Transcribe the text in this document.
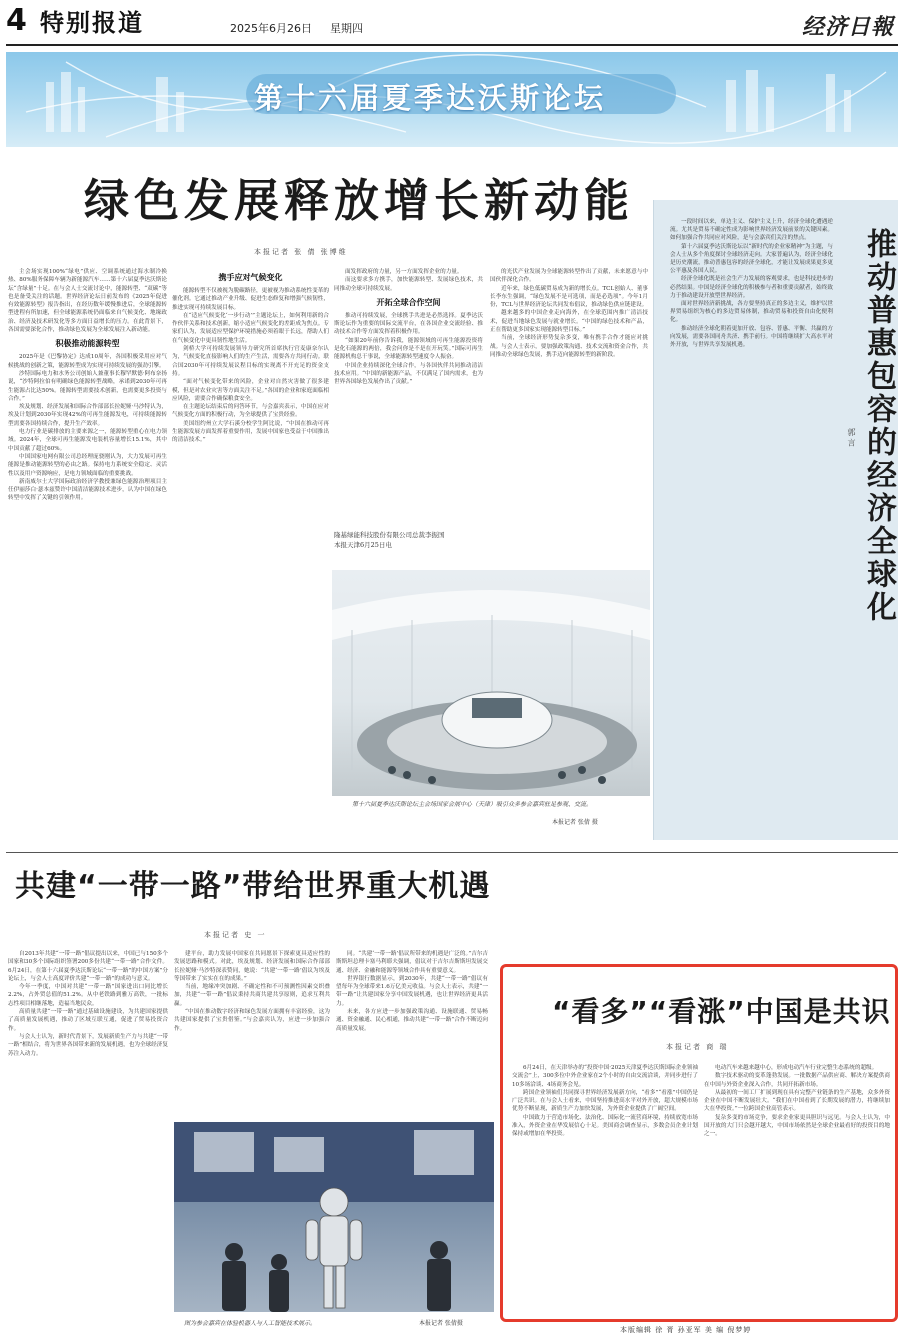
4 特别报道	2025年6月26日 星期四	经济日報
第十六届夏季达沃斯论坛
绿色发展释放增长新动能
本报记者 张 倩 张博维

主会场实现100%“绿电”供应、空调系统通过海水制冷换热、80%服务保障车辆为新能源汽车……第十六届夏季达沃斯论坛“含绿量”十足。在与会人士交流讨论中，能源转型、“双碳”等也是备受关注的话题。世界经济论坛日前发布的《2025年促进有效能源转型》报告指出，在经历数年缓慢推进后，全球能源转型进程有所加速，但全球能源系统仍面临来自气候变化、地缘政治、经济及技术研发化等多方面日益增长的压力。在此背景下，各国需要深化合作，推动绿色发展为全球发展注入新动能。

积极推动能源转型

2025年是《巴黎协定》达成10周年，各国积极采用应对气候挑战的创新之策，能源转型成为实现可持续发展的强劲引擎。

沙特国际电力和水务公司创始人兼董事长穆罕默德·阿布奈扬说，“沙特阿拉伯有明确绿色能源转型战略，承诺到2030年可再生能源占比达50%。能源转型需要技术创新，也需要更多投资与合作。”

埃及规划、经济发展和国际合作部部长拉妮娅·马沙特认为，埃及计划到2030年实现42%的可再生能源发电，可持续能源转型需要各国持续合作，提升生产效率。

电力行业是碳排放的主要来源之一，能源转型重心在电力领域。2024年，全球可再生能源发电装机容量增长15.1%，其中中国贡献了超过60%。

中国国家电网有限公司总经理庞骁刚认为，大力发展可再生能源是推动能源转型的必由之路。保持电力系统安全稳定、灵活性以及用户资源响应，是电力领域面临的重要挑战。

新南威尔士大学国际政治经济学教授兼绿色能源治理项目主任伊丽莎白·瑟本兹赞许中国清洁能源技术进步，认为中国在绿色转型中发挥了关键的引领作用。

携手应对气候变化

能源转型不仅被视为脱碳路径，更被视为推动系统性变革的催化剂。它通过推动产业升级、促进生态修复和增强气候韧性，推进实现可持续发展目标。

在“适应气候变化‘一步行动’”主题论坛上，如何利用新的合作伙伴关系和技术创新，缩小适应气候变化的差距成为焦点。专家们认为，发展适应型保护环境措施必须着眼于长远，帮助人们在气候变化中更具韧性地生活。

剑桥大学可持续发展领导力研究所首席执行官麦康奈尔认为，气候变化直接影响人们的生产生活，需要各方共同行动。联合国2030年可持续发展议程目标的实现离不开充足的资金支持。

“面对气候变化带来的风险，企业对自然灾害做了很多建模，但是对农业灾害等方面关注不足。”各国的企业和家庭面临相应风险，需要合作确保粮食安全。

在主题论坛结束后的问答环节，与会嘉宾表示，中国在应对气候变化方面的积极行动，为全球提供了宝贵经验。

美国纽约州立大学石溪分校学生阿比说，“中国在推动可再生能源发展方面发挥着重要作用，发展中国家也受益于中国推出的清洁技术。”

面发挥政府的力量，另一方面发挥企业的力量。

而这要求多方携手，加快能源转型、发展绿色技术，共同推动全球可持续发展。

开拓全球合作空间

推动可持续发展，全球携手共进是必然选择。夏季达沃斯论坛作为重要的国际交流平台，在各国企业交流经验、推动技术合作等方面发挥着积极作用。

“如果20年前你告诉我，能源领域的可再生能源投资将是化石能源的两倍，我会问你是不是在开玩笑。”国际可再生能源机构总干事说，全球能源转型速度令人振奋。

中国企业持续深化全球合作，与各国伙伴共同推动清洁技术应用。“中国的新能源产品，不仅满足了国内需求，也为世界各国绿色发展作出了贡献。”

隆基绿能科技股份有限公司总裁李振国
本报天津6月25日电

的光伏产业发展为全球能源转型作出了贡献，未来愿意与中国伙伴深化合作。

近年来，绿色低碳贸易成为新的增长点。TCL创始人、董事长李东生强调，“绿色发展不是可选项，而是必选项”。今年1月份，TCL与世界经济论坛共同发布倡议，推动绿色供应链建设。

越来越多的中国企业走向海外，在全球范围内推广清洁技术，促进当地绿色发展与就业增长。“中国的绿色技术和产品，正在帮助更多国家实现能源转型目标。”

当前，全球经济形势复杂多变，唯有携手合作才能应对挑战。与会人士表示，要加强政策沟通、技术交流和资金合作，共同推动全球绿色发展，携手迈向能源转型的新阶段。

第十六届夏季达沃斯论坛主会场国家会展中心（天津）吸引众多参会嘉宾驻足参观、交流。
本报记者 张倩 摄

一段时间以来，单边主义、保护主义上升，经济全球化遭遇逆流。尤其是贸易不确定性成为影响世界经济发展前景的关键因素。如何加强合作共同应对风险，是与会嘉宾们关注的焦点。

第十六届夏季达沃斯论坛以“新时代的企业家精神”为主题，与会人士从多个角度探讨全球经济走向。大家普遍认为，经济全球化是历史潮流，推动普惠包容的经济全球化，才能让发展成果更多更公平惠及各国人民。

经济全球化既是社会生产力发展的客观要求，也是科技进步的必然结果。中国是经济全球化的积极参与者和重要贡献者，始终致力于推动建设开放型世界经济。

面对世界经济新挑战，各方要坚持真正的多边主义，维护以世界贸易组织为核心的多边贸易体制，推动贸易和投资自由化便利化。

推动经济全球化朝着更加开放、包容、普惠、平衡、共赢的方向发展，需要各国同舟共济、携手前行。中国将继续扩大高水平对外开放，与世界共享发展机遇。

郭 言 推动普惠包容的经济全球化
共建“一带一路”带给世界重大机遇
本报记者 史 一

自2013年共建“一带一路”倡议提出以来，中国已与150多个国家和30多个国际组织签署200多份共建“一带一路”合作文件。6月24日，在第十六届夏季达沃斯论坛“一带一路”的中国方案”分论坛上，与会人士高度评价共建“一带一路”的成功与意义。

今年一季度，中国对共建“一带一路”国家进出口同比增长2.2%，占外贸总值的51.2%。从中老铁路到雅万高铁，一批标志性项目相继落地，造福当地民众。

高质量共建“一带一路”通过基础设施建设，为共建国家提供了高质量发展机遇，推动了区域互联互通，促进了贸易投资合作。

与会人士认为，新时代背景下，发展新质生产力与共建“一带一路”相结合，将为世界各国带来新的发展机遇，也为全球经济复苏注入动力。

建平台，助力发展中国家在共同愿景下探索更具适应性的发展思路和模式。对此，埃及规划、经济发展和国际合作部部长拉妮娅·马沙特深表赞同，她说：“共建‘一带一路’倡议为埃及等国带来了实实在在的成果。”

当前，地缘冲突加剧、不确定性和不可预测性因素交织叠加，共建“一带一路”倡议秉持共商共建共享原则，追求互利共赢。

“中国在推动数字经济和绿色发展方面拥有丰富经验，这为共建国家提供了宝贵借鉴。”与会嘉宾认为，应进一步加强合作。

同。“共建‘一带一路’倡议所带来的机遇是广泛的。”吉尔吉斯斯坦总理卡塞马利耶夫强调，倡议对于吉尔吉斯斯坦发展交通、经济、金融和能源等领域合作具有重要意义。

世界银行数据显示，到2030年，共建“一带一路”倡议有望每年为全球带来1.6万亿美元收益。与会人士表示，共建“一带一路”让共建国家分享中国发展机遇，也让世界经济更具活力。

未来，各方应进一步加强政策沟通、设施联通、贸易畅通、资金融通、民心相通，推动共建“一带一路”合作不断迈向高质量发展。

图为参会嘉宾在体验机器人与人工智能技术展示。	本报记者 张倩摄
“看多”“看涨”中国是共识
本报记者 商 瑞

6月24日，在天津举办的“投资中国·2025天津夏季达沃斯国际企业领袖交流会”上，300多位中外企业家在2个小时的自由交流洽谈，并同步进行了10多场洽谈、4场商务会见。

跨国企业领袖们共同探寻世界经济发展新方向，“看多”“看涨”中国仍是广泛共识。在与会人士看来，中国坚持推进高水平对外开放，超大规模市场优势不断显现，新质生产力加快发展，为外资企业提供了广阔空间。

中国致力于营造市场化、法治化、国际化一流营商环境，持续放宽市场准入，外资企业在华发展信心十足。美国商会调查显示，多数会员企业计划保持或增加在华投资。

电动汽车来越来越中心，形成电动汽车行业完整生态系统的超级。

数字技术驱动的变革蓬勃发展。一批数据产品供应商、解决方案提供商在中国与外资企业深入合作，共同开拓新市场。

从最初的一间工厂扩展到现在具有完整产业链条的生产基地，众多外资企业在中国不断发展壮大。“我们在中国看到了长期发展的潜力，将继续加大在华投资。”一位跨国企业高管表示。

复杂多变的市场竞争，要求企业家更具胆识与远见。与会人士认为，中国开放的大门只会越开越大，中国市场依然是全球企业最看好的投资目的地之一。

本版编辑 徐 胥 孙亚军 美 编 倪梦婷
